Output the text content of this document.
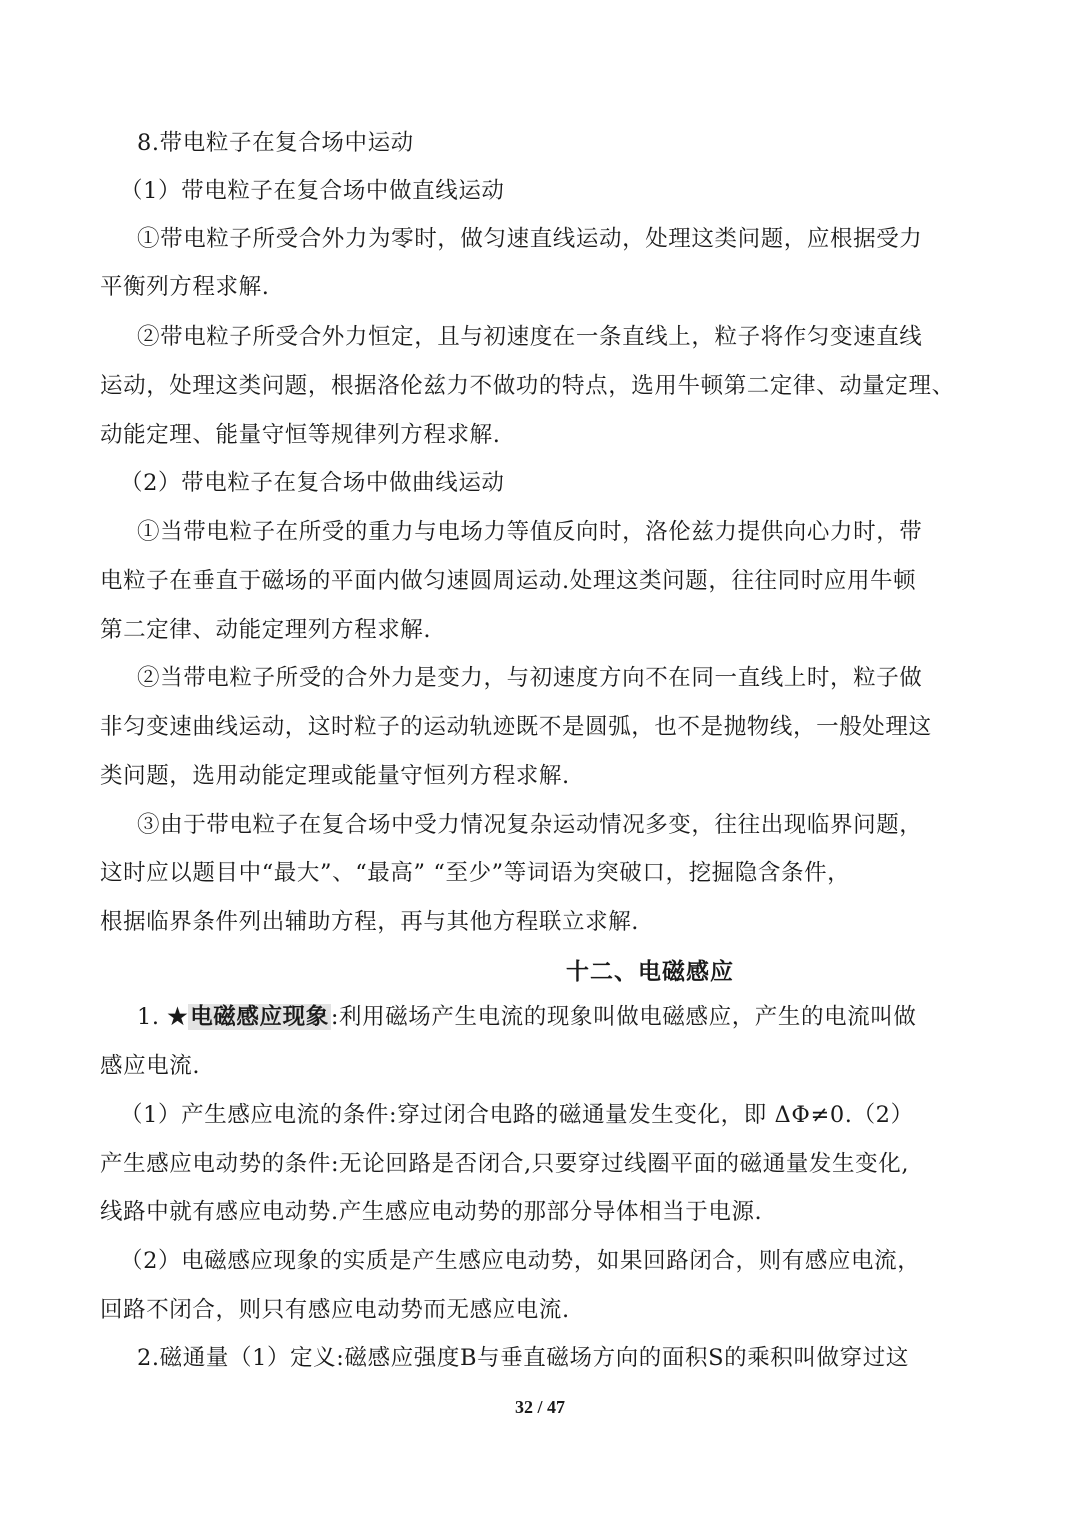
8.带电粒子在复合场中运动
（1）带电粒子在复合场中做直线运动
①带电粒子所受合外力为零时，做匀速直线运动，处理这类问题，应根据受力
平衡列方程求解.
②带电粒子所受合外力恒定，且与初速度在一条直线上，粒子将作匀变速直线
运动，处理这类问题，根据洛伦兹力不做功的特点，选用牛顿第二定律、动量定理、
动能定理、能量守恒等规律列方程求解.
（2）带电粒子在复合场中做曲线运动
①当带电粒子在所受的重力与电场力等值反向时，洛伦兹力提供向心力时，带
电粒子在垂直于磁场的平面内做匀速圆周运动.处理这类问题，往往同时应用牛顿
第二定律、动能定理列方程求解.
②当带电粒子所受的合外力是变力，与初速度方向不在同一直线上时，粒子做
非匀变速曲线运动，这时粒子的运动轨迹既不是圆弧，也不是抛物线，一般处理这
类问题，选用动能定理或能量守恒列方程求解.
③由于带电粒子在复合场中受力情况复杂运动情况多变，往往出现临界问题，
这时应以题目中“最大”、“最高” “至少”等词语为突破口，挖掘隐含条件，
根据临界条件列出辅助方程，再与其他方程联立求解.
十二、电磁感应
1. ★电磁感应现象:利用磁场产生电流的现象叫做电磁感应，产生的电流叫做
感应电流.
（1）产生感应电流的条件:穿过闭合电路的磁通量发生变化，即 ΔΦ≠0.（2）
产生感应电动势的条件:无论回路是否闭合,只要穿过线圈平面的磁通量发生变化,
线路中就有感应电动势.产生感应电动势的那部分导体相当于电源.
（2）电磁感应现象的实质是产生感应电动势，如果回路闭合，则有感应电流，
回路不闭合，则只有感应电动势而无感应电流.
2.磁通量（1）定义:磁感应强度B与垂直磁场方向的面积S的乘积叫做穿过这
32 / 47
